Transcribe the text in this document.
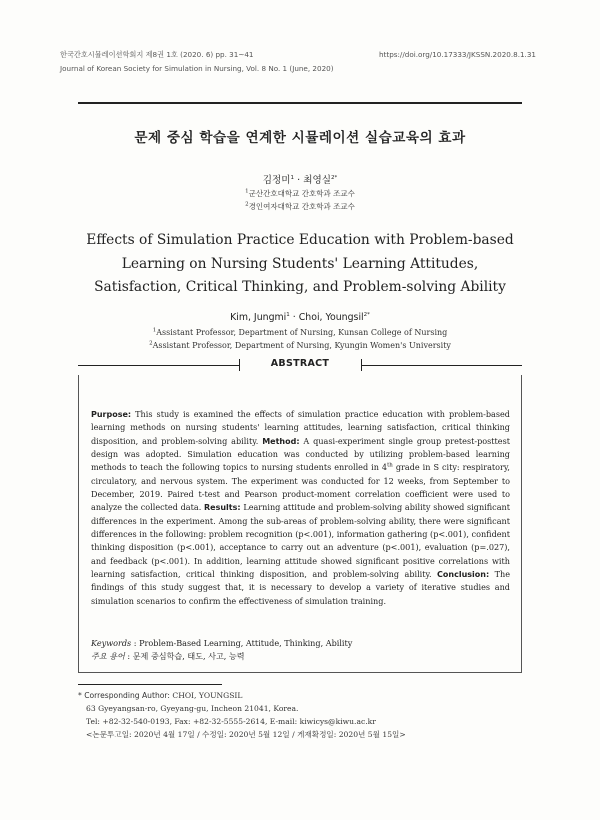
한국간호시뮬레이션학회지 제8권 1호 (2020. 6) pp. 31~41
Journal of Korean Society for Simulation in Nursing, Vol. 8 No. 1 (June, 2020)
https://doi.org/10.17333/JKSSN.2020.8.1.31
문제 중심 학습을 연계한 시뮬레이션 실습교육의 효과
김정미$^1$ · 최영실$^{2*}$
$^1$군산간호대학교 간호학과 조교수
$^2$경인여자대학교 간호학과 조교수
Effects of Simulation Practice Education with Problem-based
Learning on Nursing Students' Learning Attitudes,
Satisfaction, Critical Thinking, and Problem-solving Ability
Kim, Jungmi$^1$ · Choi, Youngsil$^{2*}$
$^1$Assistant Professor, Department of Nursing, Kunsan College of Nursing
$^2$Assistant Professor, Department of Nursing, Kyungin Women's University
ABSTRACT
Purpose: This study is examined the effects of simulation practice education with problem-based learning methods on nursing students' learning attitudes, learning satisfaction, critical thinking disposition, and problem-solving ability. Method: A quasi-experiment single group pretest-posttest design was adopted. Simulation education was conducted by utilizing problem-based learning methods to teach the following topics to nursing students enrolled in 4th grade in S city: respiratory, circulatory, and nervous system. The experiment was conducted for 12 weeks, from September to December, 2019. Paired t-test and Pearson product-moment correlation coefficient were used to analyze the collected data. Results: Learning attitude and problem-solving ability showed significant differences in the experiment. Among the sub-areas of problem-solving ability, there were significant differences in the following: problem recognition (p<.001), information gathering (p<.001), confident thinking disposition (p<.001), acceptance to carry out an adventure (p<.001), evaluation (p=.027), and feedback (p<.001). In addition, learning attitude showed significant positive correlations with learning satisfaction, critical thinking disposition, and problem-solving ability. Conclusion: The findings of this study suggest that, it is necessary to develop a variety of iterative studies and simulation scenarios to confirm the effectiveness of simulation training.
Keywords : Problem-Based Learning, Attitude, Thinking, Ability
주요 용어 : 문제 중심학습, 태도, 사고, 능력
* Corresponding Author: CHOI, YOUNGSIL
63 Gyeyangsan-ro, Gyeyang-gu, Incheon 21041, Korea.
Tel: +82-32-540-0193, Fax: +82-32-5555-2614, E-mail: kiwicys@kiwu.ac.kr
<논문투고일: 2020년 4월 17일 / 수정일: 2020년 5월 12일 / 게재확정일: 2020년 5월 15일>
